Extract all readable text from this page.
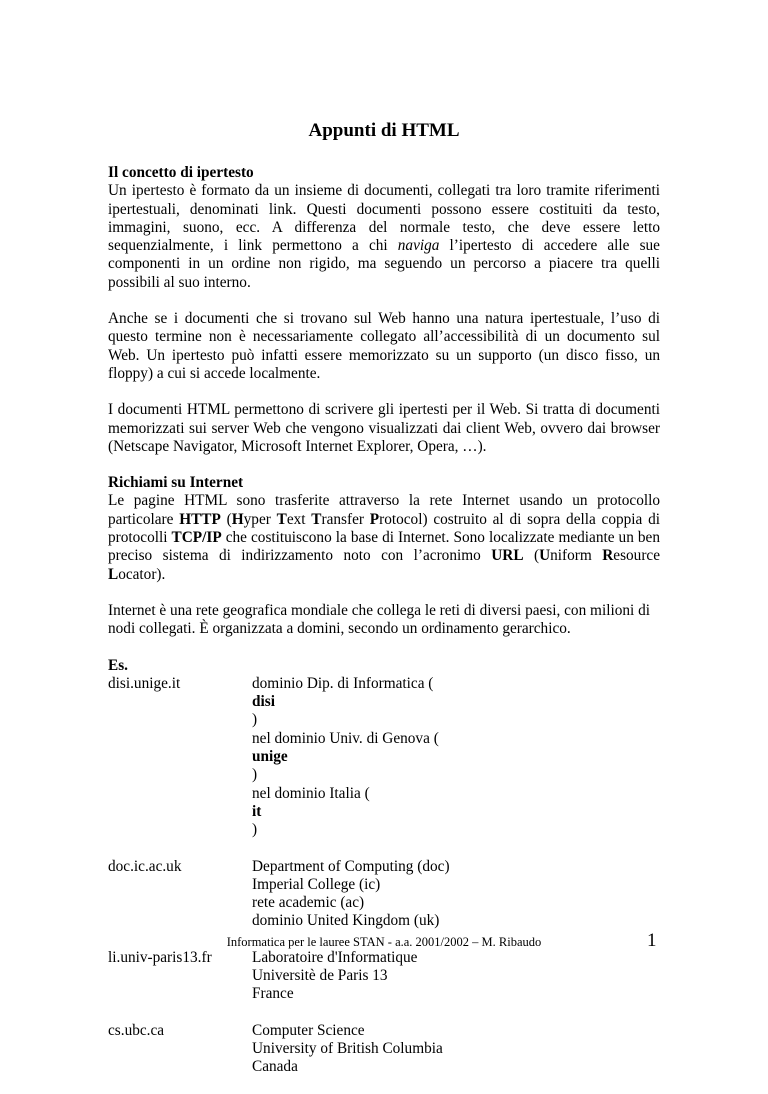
Appunti di HTML

Il concetto di ipertesto

Un ipertesto è formato da un insieme di documenti, collegati tra loro tramite riferimenti ipertestuali, denominati link. Questi documenti possono essere costituiti da testo, immagini, suono, ecc. A differenza del normale testo, che deve essere letto sequenzialmente, i link permettono a chi naviga l’ipertesto di accedere alle sue componenti in un ordine non rigido, ma seguendo un percorso a piacere tra quelli possibili al suo interno.

Anche se i documenti che si trovano sul Web hanno una natura ipertestuale, l’uso di questo termine non è necessariamente collegato all’accessibilità di un documento sul Web. Un ipertesto può infatti essere memorizzato su un supporto (un disco fisso, un floppy) a cui si accede localmente.

I documenti HTML permettono di scrivere gli ipertesti per il Web. Si tratta di documenti memorizzati sui server Web che vengono visualizzati dai client Web, ovvero dai browser (Netscape Navigator, Microsoft Internet Explorer, Opera, …).

Richiami su Internet

Le pagine HTML sono trasferite attraverso la rete Internet usando un protocollo particolare HTTP (Hyper Text Transfer Protocol) costruito al di sopra della coppia di protocolli TCP/IP che costituiscono la base di Internet. Sono localizzate mediante un ben preciso sistema di indirizzamento noto con l’acronimo URL (Uniform Resource Locator).

Internet è una rete geografica mondiale che collega le reti di diversi paesi, con milioni di nodi collegati. È organizzata a domini, secondo un ordinamento gerarchico.

Es.
disi.unige.it	dominio Dip. di Informatica (
disi
)
nel dominio Univ. di Genova (
unige
)
nel dominio Italia (
it
)
doc.ic.ac.uk	Department of Computing (doc)
Imperial College (ic)
rete academic (ac)
dominio United Kingdom (uk)
li.univ-paris13.fr	Laboratoire d'Informatique
Universitè de Paris 13
France
cs.ubc.ca	Computer Science
University of British Columbia
Canada
Informatica per le lauree STAN - a.a. 2001/2002 – M. Ribaudo	1
